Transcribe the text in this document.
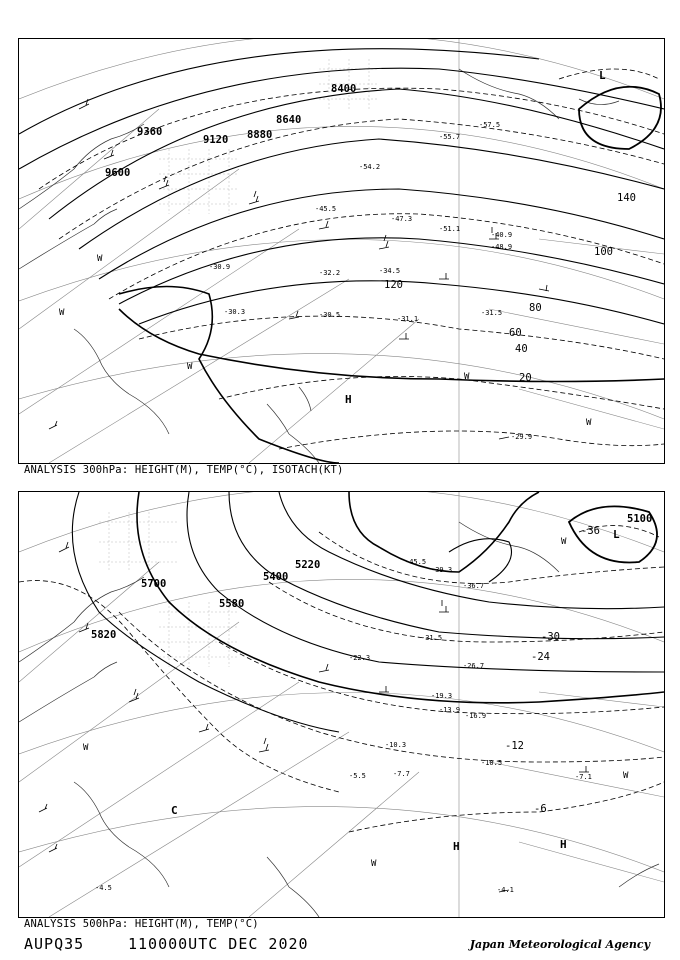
9600
9360
9120 8880
8640
8400
20
40
60
80
100
120
140
-29.9
-30.3	-30.5
-30.9
-31.1
-31.5
-32.2	-34.5
-40.9
-45.5
-47.3
-48.9
-51.1
-54.2
-55.7
-57.5
L
H
W
W
W
W
W
ANALYSIS 300hPa: HEIGHT(M), TEMP(°C), ISOTACH(KT)
5700
5820
5580
5400
5220
5100
-36
-30
-24
-12
-6
-4.1
-4.5
-5.5	-7.1
-7.7
-10.3
-10.5
-13.9
-16.9
-19.3
-22.3
-26.7
-31.5
-36.7
-39.3
-45.5
L
H	H
C
W
W
W
W
ANALYSIS 500hPa: HEIGHT(M), TEMP(°C)
AUPQ35	110000UTC DEC 2020	Japan Meteorological Agency
